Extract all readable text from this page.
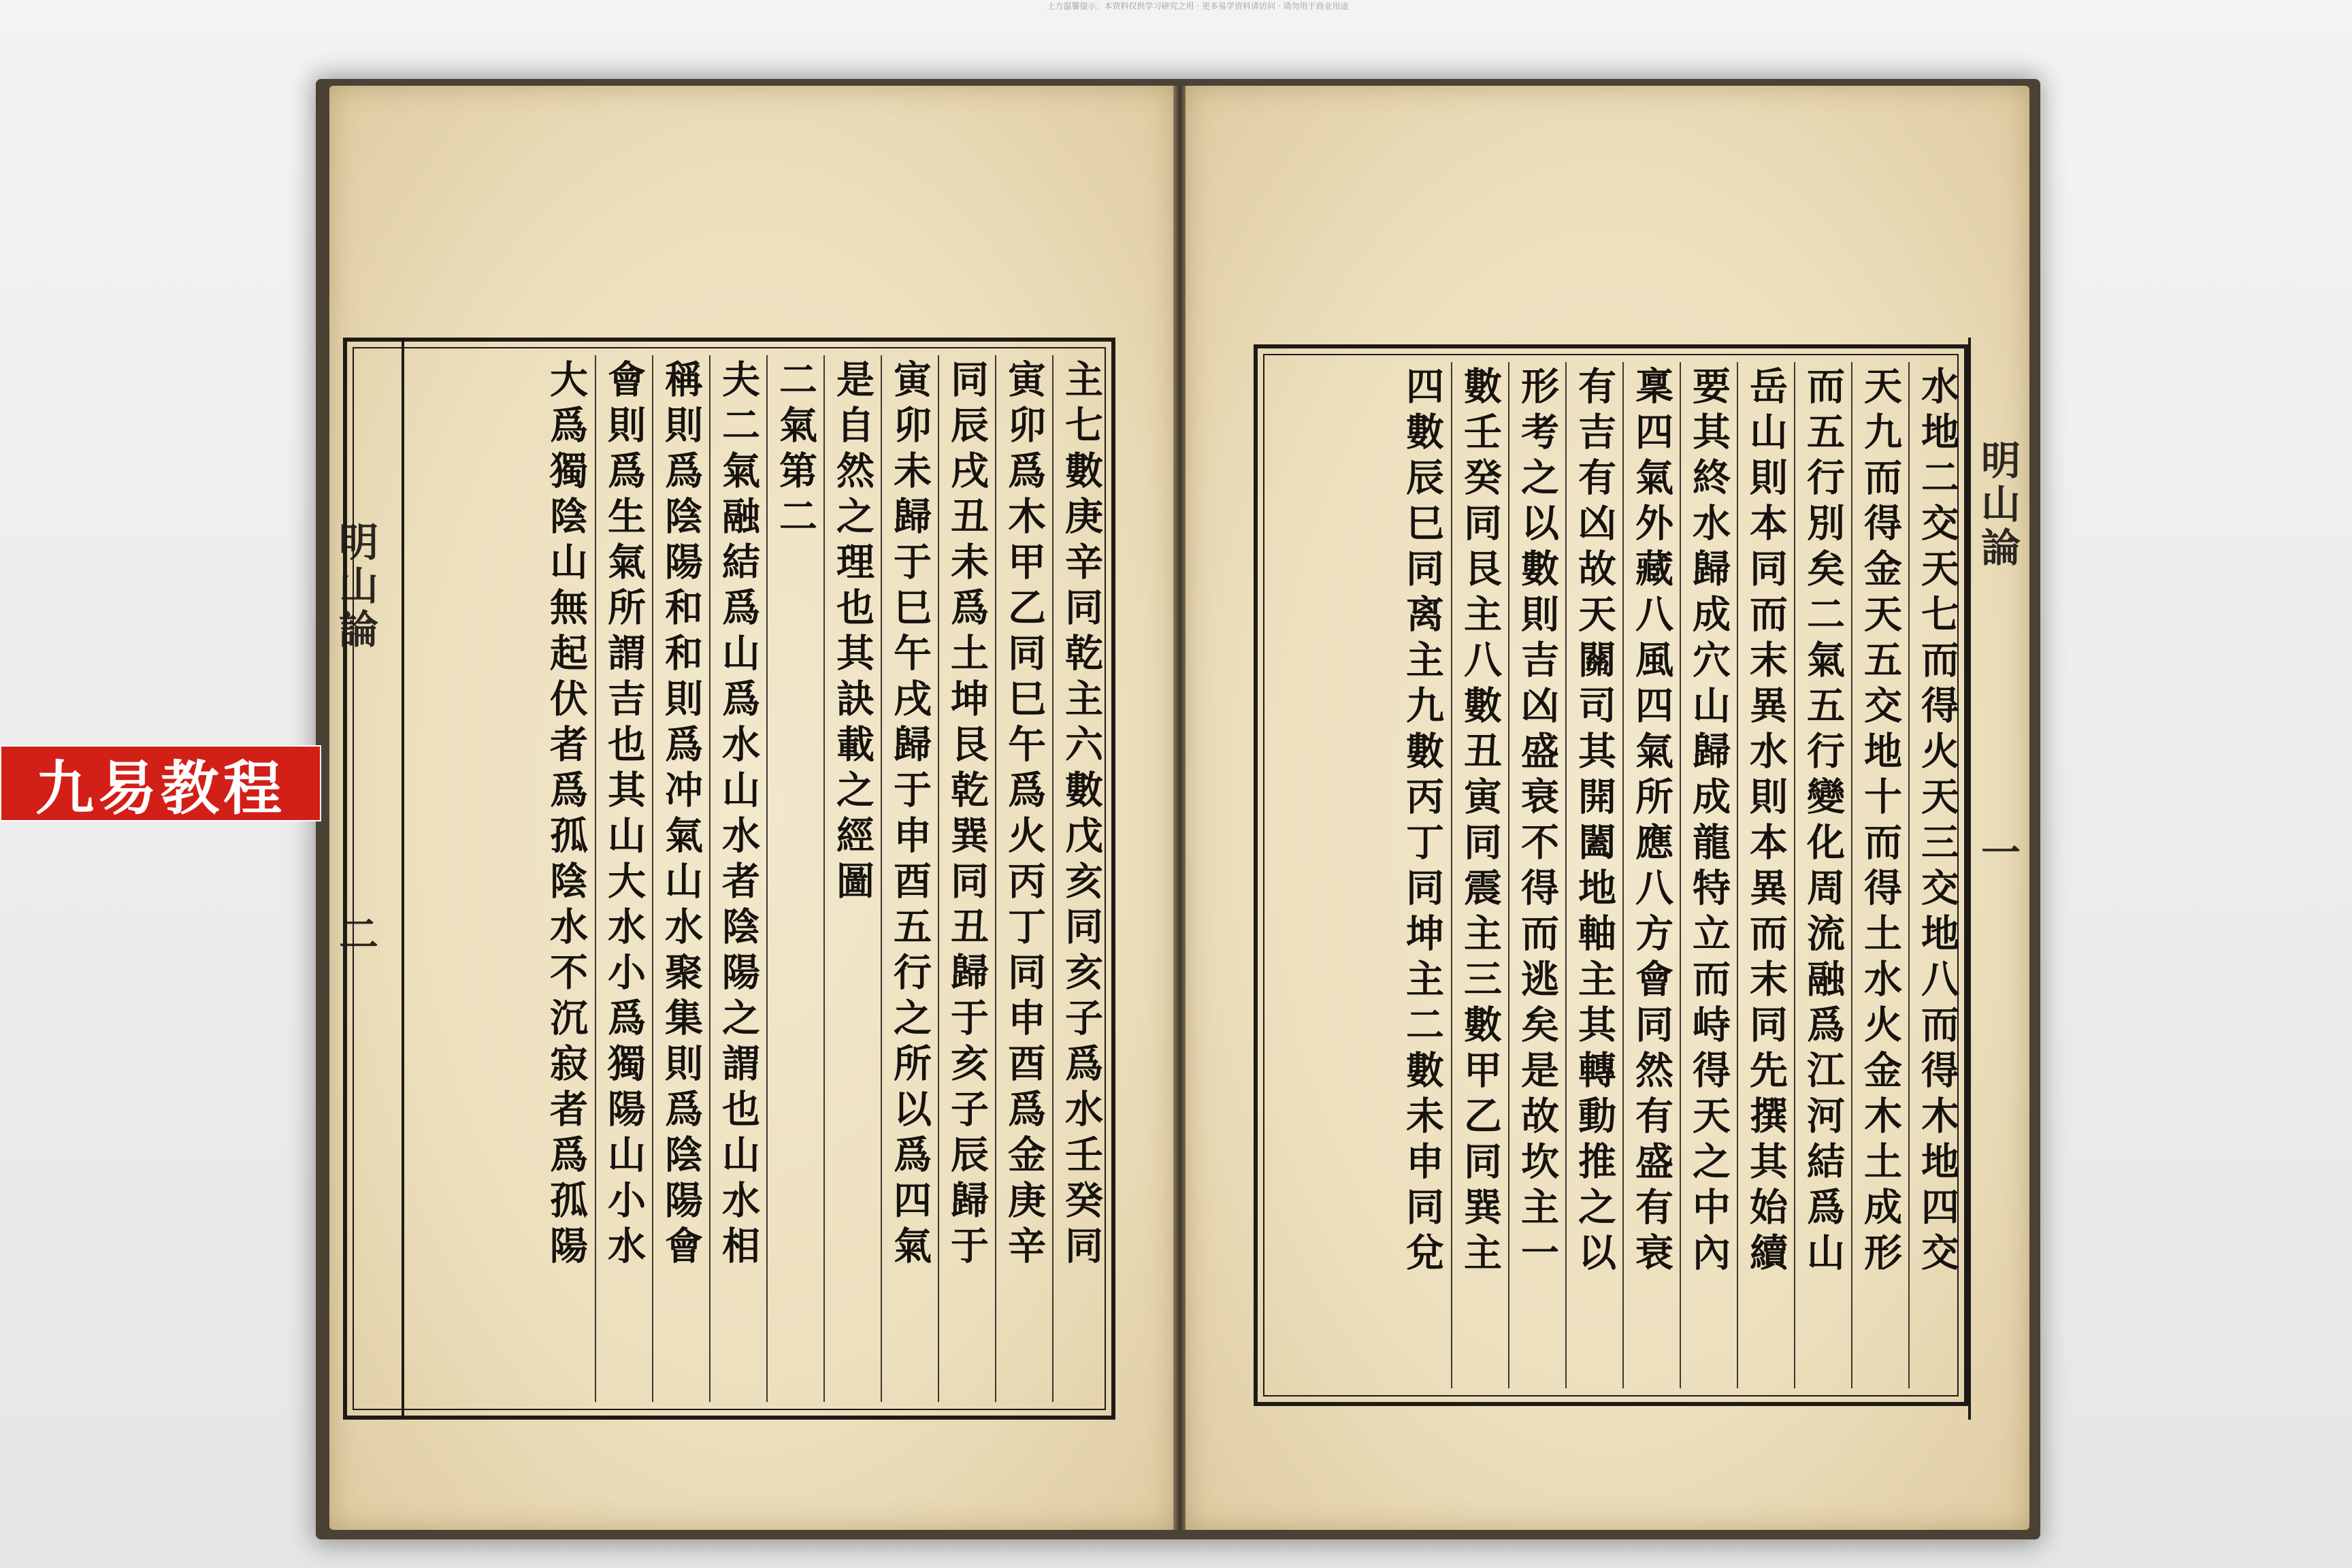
上方温馨提示：本资料仅供学习研究之用 · 更多易学资料请访问 · 请勿用于商业用途
明山論　　　　　　二	主七數庚辛同乾主六數戊亥同亥子爲水壬癸同
寅卯爲木甲乙同巳午爲火丙丁同申酉爲金庚辛
同辰戌丑未爲土坤艮乾巽同丑歸于亥子辰歸于
寅卯未歸于巳午戌歸于申酉五行之所以爲四氣
是自然之理也其訣載之經圖
二氣第二
夫二氣融結爲山爲水山水者陰陽之謂也山水相
稱則爲陰陽和和則爲冲氣山水聚集則爲陰陽會
會則爲生氣所謂吉也其山大水小爲獨陽山小水
大爲獨陰山無起伏者爲孤陰水不沉寂者爲孤陽	明山論　　　　　　一
水地二交天七而得火天三交地八而得木地四交
天九而得金天五交地十而得土水火金木土成形
而五行別矣二氣五行變化周流融爲江河結爲山
岳山則本同而末異水則本異而末同先撰其始續
要其終水歸成穴山歸成龍特立而峙得天之中內
稟四氣外藏八風四氣所應八方會同然有盛有衰
有吉有凶故天關司其開闔地軸主其轉動推之以
形考之以數則吉凶盛衰不得而逃矣是故坎主一
數壬癸同艮主八數丑寅同震主三數甲乙同巽主
四數辰巳同离主九數丙丁同坤主二數未申同兌
九易教程
